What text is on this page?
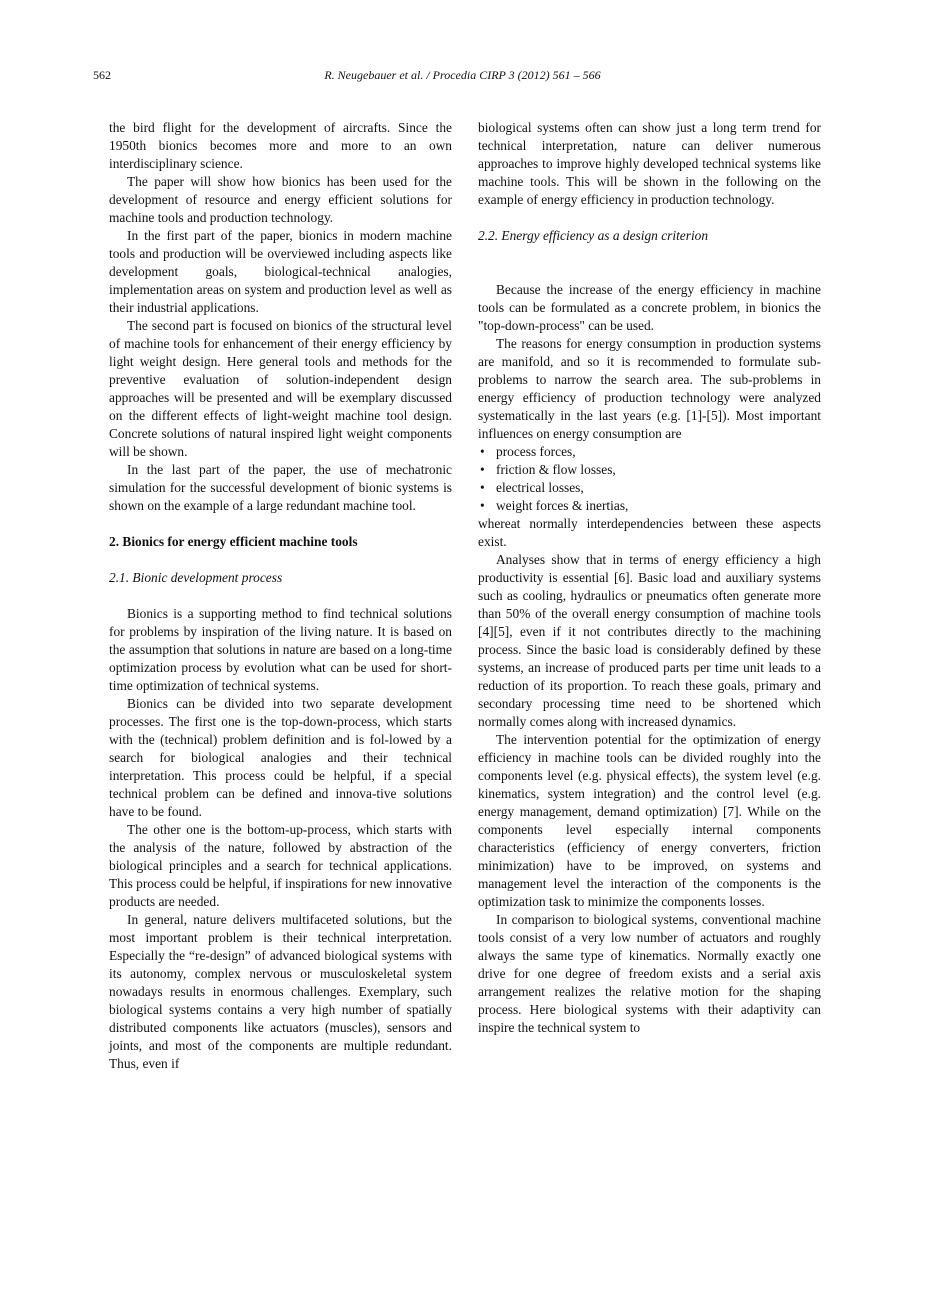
562	R. Neugebauer et al. / Procedia CIRP 3 (2012) 561 – 566

the bird flight for the development of aircrafts. Since the 1950th bionics becomes more and more to an own interdisciplinary science.

The paper will show how bionics has been used for the development of resource and energy efficient solutions for machine tools and production technology.

In the first part of the paper, bionics in modern machine tools and production will be overviewed including aspects like development goals, biological-technical analogies, implementation areas on system and production level as well as their industrial applications.

The second part is focused on bionics of the structural level of machine tools for enhancement of their energy efficiency by light weight design. Here general tools and methods for the preventive evaluation of solution-independent design approaches will be presented and will be exemplary discussed on the different effects of light-weight machine tool design. Concrete solutions of natural inspired light weight components will be shown.

In the last part of the paper, the use of mechatronic simulation for the successful development of bionic systems is shown on the example of a large redundant machine tool.

2. Bionics for energy efficient machine tools
2.1. Bionic development process

Bionics is a supporting method to find technical solutions for problems by inspiration of the living nature. It is based on the assumption that solutions in nature are based on a long-time optimization process by evolution what can be used for short-time optimization of technical systems.

Bionics can be divided into two separate development processes. The first one is the top-down-process, which starts with the (technical) problem definition and is fol-lowed by a search for biological analogies and their technical interpretation. This process could be helpful, if a special technical problem can be defined and innova-tive solutions have to be found.

The other one is the bottom-up-process, which starts with the analysis of the nature, followed by abstraction of the biological principles and a search for technical applications. This process could be helpful, if inspirations for new innovative products are needed.

In general, nature delivers multifaceted solutions, but the most important problem is their technical interpretation. Especially the “re-design” of advanced biological systems with its autonomy, complex nervous or musculoskeletal system nowadays results in enormous challenges. Exemplary, such biological systems contains a very high number of spatially distributed components like actuators (muscles), sensors and joints, and most of the components are multiple redundant. Thus, even if

biological systems often can show just a long term trend for technical interpretation, nature can deliver numerous approaches to improve highly developed technical systems like machine tools. This will be shown in the following on the example of energy efficiency in production technology.

2.2. Energy efficiency as a design criterion

Because the increase of the energy efficiency in machine tools can be formulated as a concrete problem, in bionics the "top-down-process" can be used.

The reasons for energy consumption in production systems are manifold, and so it is recommended to formulate sub-problems to narrow the search area. The sub-problems in energy efficiency of production technology were analyzed systematically in the last years (e.g. [1]-[5]). Most important influences on energy consumption are

• process forces,
• friction & flow losses,
• electrical losses,
• weight forces & inertias,

whereat normally interdependencies between these aspects exist.

Analyses show that in terms of energy efficiency a high productivity is essential [6]. Basic load and auxiliary systems such as cooling, hydraulics or pneumatics often generate more than 50% of the overall energy consumption of machine tools [4][5], even if it not contributes directly to the machining process. Since the basic load is considerably defined by these systems, an increase of produced parts per time unit leads to a reduction of its proportion. To reach these goals, primary and secondary processing time need to be shortened which normally comes along with increased dynamics.

The intervention potential for the optimization of energy efficiency in machine tools can be divided roughly into the components level (e.g. physical effects), the system level (e.g. kinematics, system integration) and the control level (e.g. energy management, demand optimization) [7]. While on the components level especially internal components characteristics (efficiency of energy converters, friction minimization) have to be improved, on systems and management level the interaction of the components is the optimization task to minimize the components losses.

In comparison to biological systems, conventional machine tools consist of a very low number of actuators and roughly always the same type of kinematics. Normally exactly one drive for one degree of freedom exists and a serial axis arrangement realizes the relative motion for the shaping process. Here biological systems with their adaptivity can inspire the technical system to
